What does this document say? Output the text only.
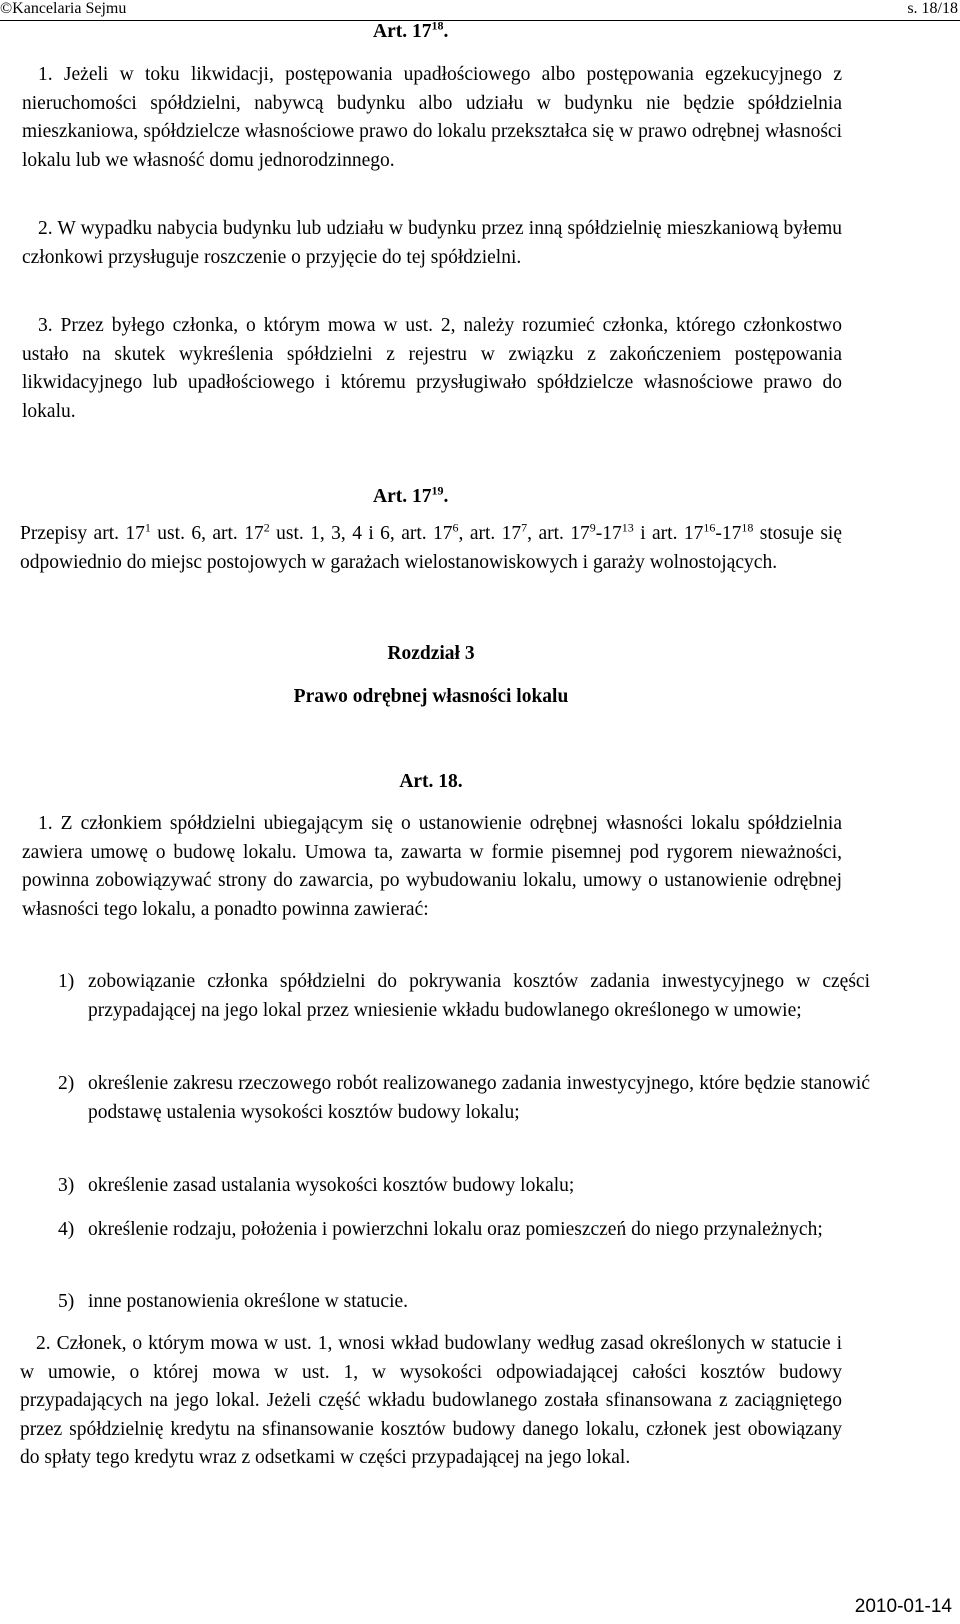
©Kancelaria Sejmu	s. 18/18
Art. $17^{18}$.
1. Jeżeli w toku likwidacji, postępowania upadłościowego albo postępowania egzekucyjnego z nieruchomości spółdzielni, nabywcą budynku albo udziału w budynku nie będzie spółdzielnia mieszkaniowa, spółdzielcze własnościowe prawo do lokalu przekształca się w prawo odrębnej własności lokalu lub we własność domu jednorodzinnego.
2. W wypadku nabycia budynku lub udziału w budynku przez inną spółdzielnię mieszkaniową byłemu członkowi przysługuje roszczenie o przyjęcie do tej spółdzielni.
3. Przez byłego członka, o którym mowa w ust. 2, należy rozumieć członka, którego członkostwo ustało na skutek wykreślenia spółdzielni z rejestru w związku z zakończeniem postępowania likwidacyjnego lub upadłościowego i któremu przysługiwało spółdzielcze własnościowe prawo do lokalu.
Art. $17^{19}$.
Przepisy art. $17^1$ ust. 6, art. $17^2$ ust. 1, 3, 4 i 6, art. $17^6$, art. $17^7$, art. $17^9-17^{13}$ i art. $17^{16}-17^{18}$ stosuje się odpowiednio do miejsc postojowych w garażach wielostanowiskowych i garaży wolnostojących.
Rozdział 3
Prawo odrębnej własności lokalu
Art. 18.
1. Z członkiem spółdzielni ubiegającym się o ustanowienie odrębnej własności lokalu spółdzielnia zawiera umowę o budowę lokalu. Umowa ta, zawarta w formie pisemnej pod rygorem nieważności, powinna zobowiązywać strony do zawarcia, po wybudowaniu lokalu, umowy o ustanowienie odrębnej własności tego lokalu, a ponadto powinna zawierać:
1) zobowiązanie członka spółdzielni do pokrywania kosztów zadania inwestycyjnego w części przypadającej na jego lokal przez wniesienie wkładu budowlanego określonego w umowie;
2) określenie zakresu rzeczowego robót realizowanego zadania inwestycyjnego, które będzie stanowić podstawę ustalenia wysokości kosztów budowy lokalu;
3) określenie zasad ustalania wysokości kosztów budowy lokalu;
4) określenie rodzaju, położenia i powierzchni lokalu oraz pomieszczeń do niego przynależnych;
5) inne postanowienia określone w statucie.
2. Członek, o którym mowa w ust. 1, wnosi wkład budowlany według zasad określonych w statucie i w umowie, o której mowa w ust. 1, w wysokości odpowiadającej całości kosztów budowy przypadających na jego lokal. Jeżeli część wkładu budowlanego została sfinansowana z zaciągniętego przez spółdzielnię kredytu na sfinansowanie kosztów budowy danego lokalu, członek jest obowiązany do spłaty tego kredytu wraz z odsetkami w części przypadającej na jego lokal.
2010-01-14
